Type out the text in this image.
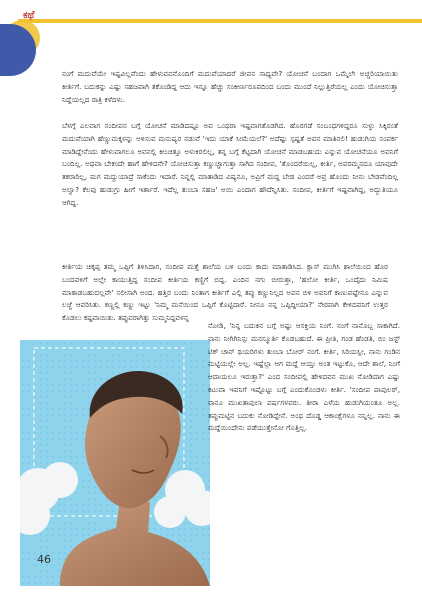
ಕಥೆ

ನಂಗೆ ಮದುವೆಯೇ ಇಷ್ಟವಿಲ್ಲವೆಂದು ಹೇಳುವವನೊಂದಿಗೆ ಮದುವೆಯಾದರೆ ಜೀವನ ಸಾಧ್ಯವೇ? ಯೋಚನೆ ಬಂದಾಗ ಒಮ್ಮೆಲೇ ಅಚ್ಚರಿಯಾಯಿತು ಕೀರ್ತಿಗೆ. ಬದುಕನ್ನು ಎಷ್ಟು ಸಹಜವಾಗಿ ತಕೊಂಡಿದ್ದ ಆದು ಇನ್ನೂ ಹೆಚ್ಚು ಸಂಕೀರ್ಣರೂಪದಿಂದ ಬಂದು ಮುಂದೆ ನಿಲ್ಲುತ್ತಿರೆಯಲ್ಲ ಎಂದು ಯೋಚಿಸುತ್ತಾ ನಿದ್ದೆಯಲ್ಲದ ರಾತ್ರಿ ಕಳೆದಳು.

ಬೆಳಗ್ಗೆ ಎಲವಾಗ ಸಂದೀಪನ ಬಗ್ಗೆ ಯೋಚನೆ ಮಾಡಿದಷ್ಟೂ ಅವ ಒಂಥರಾ ಇಷ್ಟವಾಗತೊಡಗಿದ. ಹೊರಗಡೆ ಸಂಬಂಧಗಳಿದ್ದರೂ ಸುಳ್ಳು ಸಿಕ್ಕಿರಂತೆ ಮದುವೆಯಾಗಿ ಹೆಣ್ಣುಮಕ್ಕಳನ್ನು ಅಳಿಸುವ ಮನುಷ್ಯರ ನಡುವೆ 'ಇದು ಯಾಕೆ ಸೀಮೆಯಲೆ?' ಅದೆಷ್ಟು ಸ್ಪಷ್ಟತೆ ಅವನ ಮಾತಿನಲಿ! ಹುಡುಗಿಯ ಸಂಪರ್ಕ ಮಾಡಿದ್ದೇನೆಂದು ಹೇಳುವಾಗಲೂ ಅವನಲ್ಲಿ ಕೀಂಚಿತ್ತೂ ಅಳುಕಿರಲಿಲ್ಲ, ತನ್ನ ಬಗ್ಗೆ ಕೆಟ್ಟದಾಗಿ ಯೋಚನೆ ಮಾಡಬಹುದು ಎನ್ನುವ ಯೋಚನೆಯೂ ಅವನಿಗೆ ಬಂದಿಲ್ಲ. ಅಥವಾ ಬೇಕಂದೇ ಹಾಗೆ ಹೇಳಿದನೇ? ಯೋಚಿಸುತ್ತಾ ಕಣ್ಣುಚ್ಚಾಗುತ್ತಾ ಸಾಗಿದ ಸಂದೀಪ, 'ತೊಂದರೆಯಿಲ್ಲ, ಕೀರ್ತಿ, ಅವರಮ್ಮನದೂ ಯಾವುದೇ ತಕರಾರಿಲ್ಲ, ಮಗ ಮದ್ದುಯಾದ್ರೆ ಸಾಕೆಂದು ಇದಾರೆ. ನಿನ್ನಲ್ಲಿ ಮಾತಾಡಿದ ವಿಷ್ಯನೂ, ಅವ್ರಿಗೆ ಮದ್ದ ಬೇಡ ಎಂದರೆ ಅವ್ರ ಹೊಂದು ನೀನು ಬೇಡವೆಂದಿಲ್ಲ ಅಲ್ವಾ? ಕೆಲವು ಹುಡುಗ್ರು ಹೀಗೆ ಇರ್ತಾರೆ. ಇದೆಲ್ಲ ತುಂಬಾ ಸಹಜ' ಅಯಿ ಎಂದಾಗ ಹೌದೆನ್ನಿಸಿತು. ಸಂದೀಪ, ಕೀರ್ತಿಗೆ ಇಷ್ಟವಾಗಿದ್ದ, ಅದ್ಭುತಿಯೂ ಆಗಿದ್ದ.

ಕೀರ್ತಿಯ ಚಿಕ್ಕಪ್ಪ ತಮ್ಮ ಒಪ್ಪಿಗೆ ತಿಳಿಸಿದಾಗ, ಸಂದೀಪ ಮತ್ತೆ ಶಾಲೆಯ ಬಳಿ ಬಂದು ಕಾದು ಮಾತಾಡಿಸಿದ. ಕ್ಲಾಸ್ ಮುಗಿಸಿ ಶಾಲೆಯಿಂದ ಹೊರ ಬಂದವಳಿಗೆ ಅಲ್ಲೇ ಕಾಯುತ್ತಿದ್ದ ಸಂದೀಪ ಕೀರ್ತಿಯ ಕಣ್ಣಿಗೆ ಬಿದ್ದ. ಎಂದಿನ ನಗು ಬೀರುತ್ತಾ, 'ಹಲೋ ಕೀರ್ತಿ, ಒಂದೈದು ನಿಮಿಷ ಮಾತಾಡಬಹುದಲ್ಲವೇ' ಸಲೀಸಾಗಿ ಅಂದ. ಹತ್ತಿರ ಬಂದು ನಿಂತಾಗ ಕೀರ್ತಿಗೆ ಎಲ್ಲಿ ತಪ್ಪು ಕಣ್ಣುನಿಲ್ಲದ ಅವನ ಬಿಳಿ ಅವನಿಗೆ ಕಾಣುವಷ್ಟೇನೂ ಎನ್ನುವ ಲಜ್ಜೆ ಆವರಿಸಿತು. ಕಣ್ಣಲ್ಲಿ ಕಣ್ಣು ಇಟ್ಟು 'ನಿಮ್ಮ ಮನೆಯಿಂದ ಒಪ್ಪಿಗೆ ಕೊಟ್ಟಿದಾರೆ. ನೀನೂ ನನ್ನ ಒಪ್ಪಿದ್ದೀಯಾ?' ನೇರವಾಗಿ ಕೇಳಿದವನಿಗೆ ಉತ್ತರ ಕೊಡಲು ಕಷ್ಟವಾಯಿತು. ತಪ್ಪುವರಾಗಿತ್ತು ಸುಮ್ಮನಿದ್ದವಳನ್ನ

ನೋಡಿ, 'ನಿನ್ನ ಬದುಕಿನ ಬಗ್ಗೆ ಅಷ್ಟು ಆಸಕ್ತಿಯ ನಿಂಗೆ. ನಂಗೆ ನಾನೊಬ್ಬ ಸಾಕಾಗಿದೆ. ನಾನು ನೀಗಿಗಿನಿಸ್ಸು ಮನಸ್ಮೂರ್ತಿ ಕೊಡಬಹುದೆ. ಈ ಪ್ರೀತಿ, ಗಂಡ ಹೆಂಡತಿ, ಬಿಂ ಜಸ್ಟ್ ಟಿಕ್ ಚಾನ್ ಥಿಯರಿಗಳು ತುಂಬಾ ಬೋರ್ ನಂಗೆ. ಕೀರ್ತಿ, ಸಿರಿಯಸ್ಲೀ, ನಾನು ಗಂಡಿನ ಮಟ್ಟಿಯಲ್ಲೇ ಅಲ್ಲ. ಇಷ್ಟೆಲ್ಲಾ ಆಗ ಮದ್ದೆ ಆಯ್ತು ಅಂತ ಇಟ್ಟುಕೊ, ಆದೇ ಶಾಲೆ, ನಿಂಗೆ ಆದಾಯಲೂ ಇರುತ್ತಾ?' ಎಂದ ಸಂದೀಪಲ್ಲಿ ಹೇಳಿದವನ ಮುಖ ನೋಡಿದಾಗ ಎಷ್ಟು ಕಟುವಾ ಇವನಿಗೆ ಇಷ್ಟೊಟ್ಟು ಬಗ್ಗೆ ಎಂದುಕೊಂಡಳು ಕೀರ್ತಿ. 'ಸಂದೀಪ ಪಾಪುಲರ್, ನಾನೂ ಮುಖತಾಪುಲಾ ವರ್ಷಗಳವರು. ತೀರಾ ಎಳೆಯ ಹುಡುಗಿಯಂತೂ ಅಲ್ಲ. ತಪ್ಪುಮಟ್ಟಿನ ಬದುಕು ನೋಡಿದ್ದೇನೆ. ಅಂಥ ದೊಡ್ಡ ಆಕಾಂಕ್ಷೆಗಳೂ ನನ್ನಿಲ್ಲ. ನಾನು ಈ ಮದ್ದೆಯಿಂದೇನು ಪಡೆಯುತ್ತೇನೋ ಗೊತ್ತಿಲ್ಲ.

46
